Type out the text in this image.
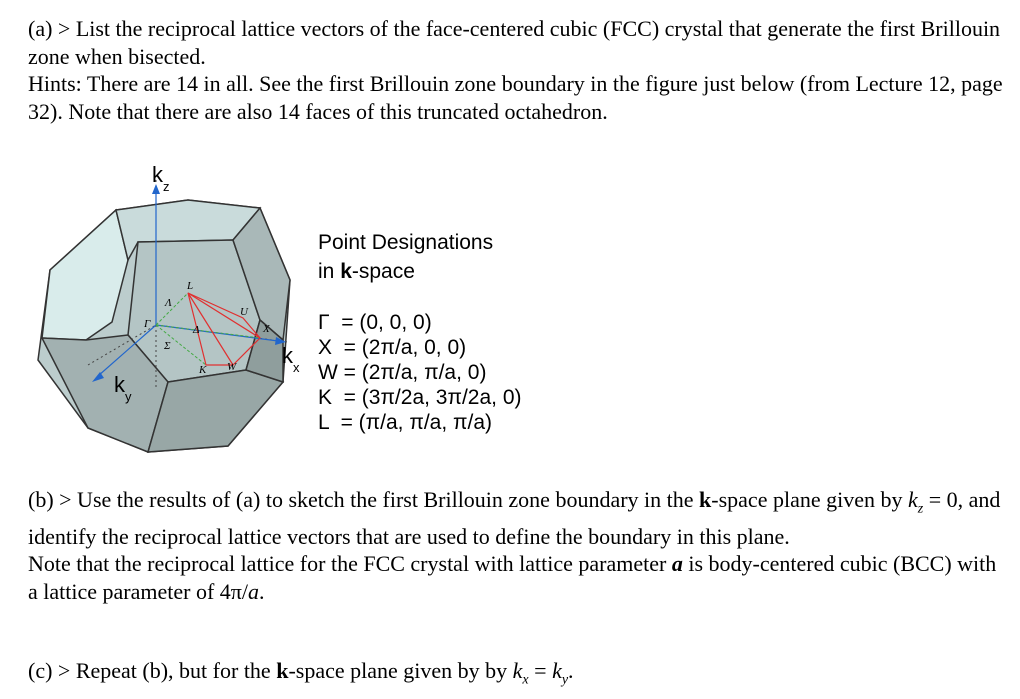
(a) > List the reciprocal lattice vectors of the face-centered cubic (FCC) crystal that generate the first Brillouin zone when bisected.
Hints: There are 14 in all. See the first Brillouin zone boundary in the figure just below (from Lecture 12, page 32). Note that there are also 14 faces of this truncated octahedron.

$k_z$
$k_y$
$k_x$
Γ
Λ
Δ
Σ
L
U
X
K W
Point Designations
in k-space
Γ  = (0, 0, 0)
X  = (2π/a, 0, 0)
W = (2π/a, π/a, 0)
K  = (3π/2a, 3π/2a, 0)
L  = (π/a, π/a, π/a)

(b) > Use the results of (a) to sketch the first Brillouin zone boundary in the k-space plane given by $k_z = 0$, and identify the reciprocal lattice vectors that are used to define the boundary in this plane.
Note that the reciprocal lattice for the FCC crystal with lattice parameter a is body-centered cubic (BCC) with a lattice parameter of 4π/a.

(c) > Repeat (b), but for the k-space plane given by by $k_x = k_y$.
